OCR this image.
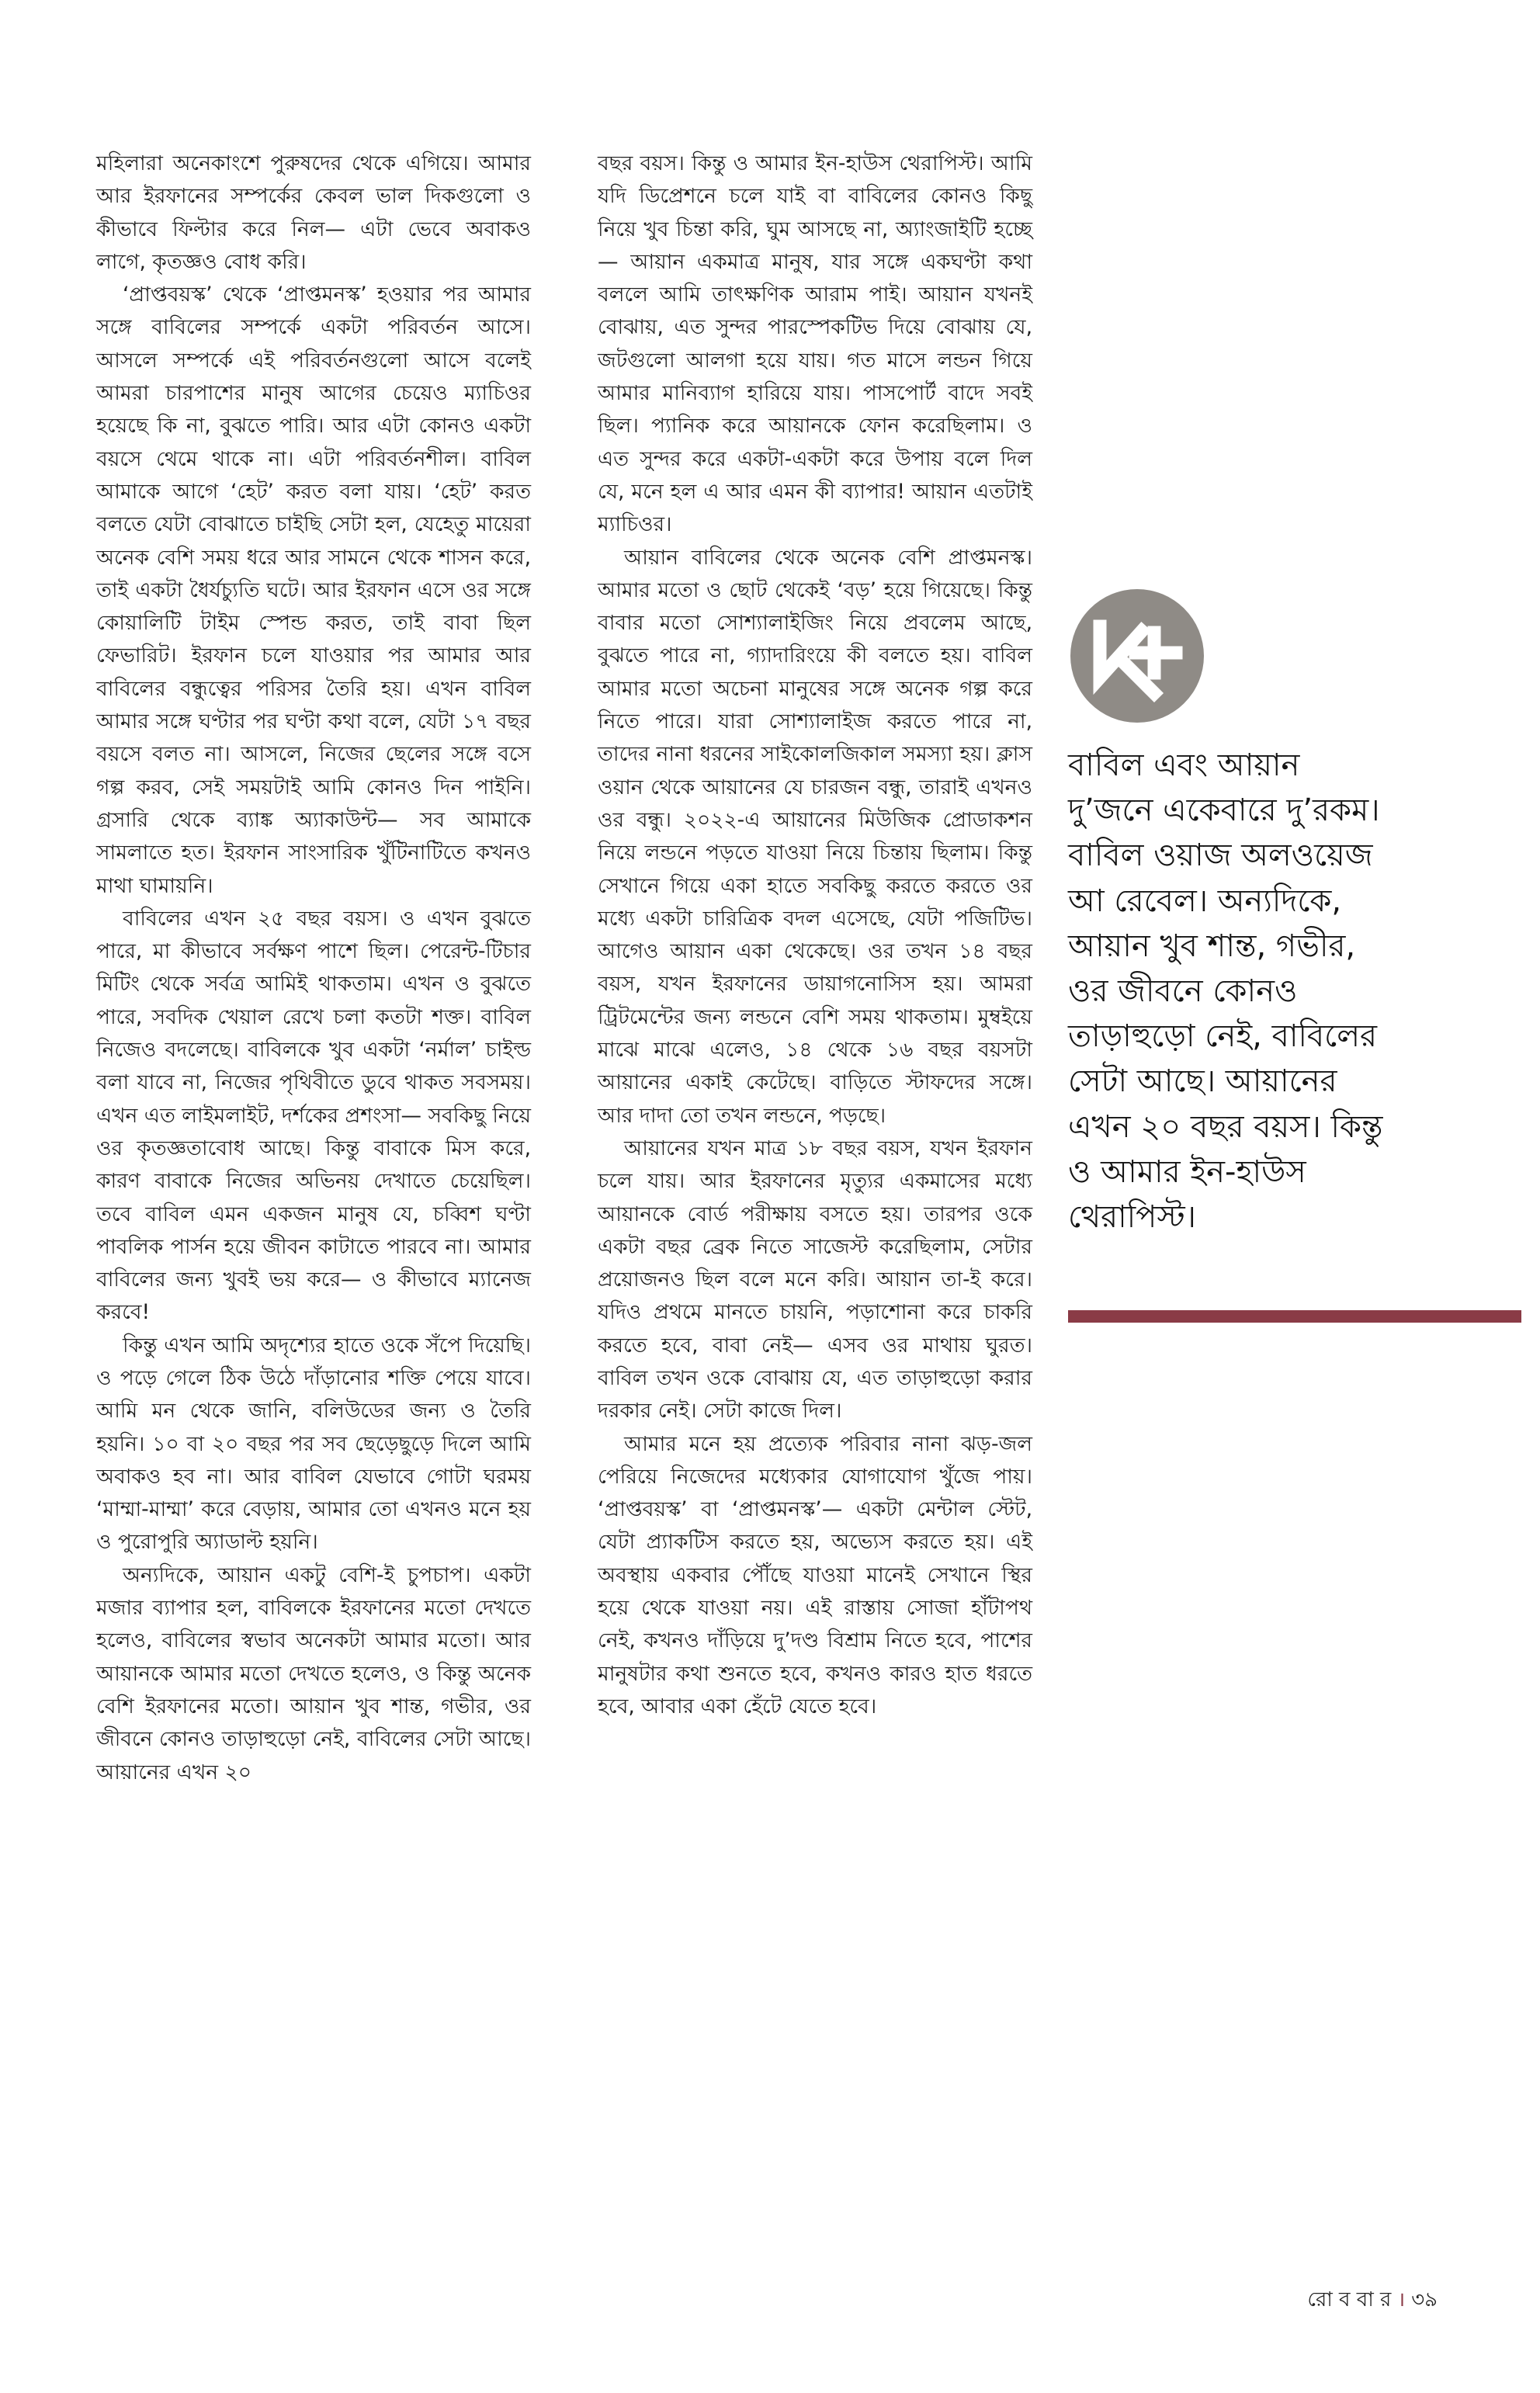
মহিলারা অনেকাংশে পুরুষদের থেকে এগিয়ে। আমার আর ইরফানের সম্পর্কের কেবল ভাল দিকগুলো ও কীভাবে ফিল্টার করে নিল— এটা ভেবে অবাকও লাগে, কৃতজ্ঞও বোধ করি।

‘প্রাপ্তবয়স্ক’ থেকে ‘প্রাপ্তমনস্ক’ হওয়ার পর আমার সঙ্গে বাবিলের সম্পর্কে একটা পরিবর্তন আসে। আসলে সম্পর্কে এই পরিবর্তনগুলো আসে বলেই আমরা চারপাশের মানুষ আগের চেয়েও ম্যাচিওর হয়েছে কি না, বুঝতে পারি। আর এটা কোনও একটা বয়সে থেমে থাকে না। এটা পরিবর্তনশীল। বাবিল আমাকে আগে ‘হেট’ করত বলা যায়। ‘হেট’ করত বলতে যেটা বোঝাতে চাইছি সেটা হল, যেহেতু মায়েরা অনেক বেশি সময় ধরে আর সামনে থেকে শাসন করে, তাই একটা ধৈর্যচ্যুতি ঘটে। আর ইরফান এসে ওর সঙ্গে কোয়ালিটি টাইম স্পেন্ড করত, তাই বাবা ছিল ফেভারিট। ইরফান চলে যাওয়ার পর আমার আর বাবিলের বন্ধুত্বের পরিসর তৈরি হয়। এখন বাবিল আমার সঙ্গে ঘণ্টার পর ঘণ্টা কথা বলে, যেটা ১৭ বছর বয়সে বলত না। আসলে, নিজের ছেলের সঙ্গে বসে গল্প করব, সেই সময়টাই আমি কোনও দিন পাইনি। গ্রসারি থেকে ব্যাঙ্ক অ্যাকাউন্ট— সব আমাকে সামলাতে হত। ইরফান সাংসারিক খুঁটিনাটিতে কখনও মাথা ঘামায়নি।

বাবিলের এখন ২৫ বছর বয়স। ও এখন বুঝতে পারে, মা কীভাবে সর্বক্ষণ পাশে ছিল। পেরেন্ট-টিচার মিটিং থেকে সর্বত্র আমিই থাকতাম। এখন ও বুঝতে পারে, সবদিক খেয়াল রেখে চলা কতটা শক্ত। বাবিল নিজেও বদলেছে। বাবিলকে খুব একটা ‘নর্মাল’ চাইল্ড বলা যাবে না, নিজের পৃথিবীতে ডুবে থাকত সবসময়। এখন এত লাইমলাইট, দর্শকের প্রশংসা— সবকিছু নিয়ে ওর কৃতজ্ঞতাবোধ আছে। কিন্তু বাবাকে মিস করে, কারণ বাবাকে নিজের অভিনয় দেখাতে চেয়েছিল। তবে বাবিল এমন একজন মানুষ যে, চব্বিশ ঘণ্টা পাবলিক পার্সন হয়ে জীবন কাটাতে পারবে না। আমার বাবিলের জন্য খুবই ভয় করে— ও কীভাবে ম্যানেজ করবে!

কিন্তু এখন আমি অদৃশ্যের হাতে ওকে সঁপে দিয়েছি। ও পড়ে গেলে ঠিক উঠে দাঁড়ানোর শক্তি পেয়ে যাবে। আমি মন থেকে জানি, বলিউডের জন্য ও তৈরি হয়নি। ১০ বা ২০ বছর পর সব ছেড়েছুড়ে দিলে আমি অবাকও হব না। আর বাবিল যেভাবে গোটা ঘরময় ‘মাম্মা-মাম্মা’ করে বেড়ায়, আমার তো এখনও মনে হয় ও পুরোপুরি অ্যাডাল্ট হয়নি।

অন্যদিকে, আয়ান একটু বেশি-ই চুপচাপ। একটা মজার ব্যাপার হল, বাবিলকে ইরফানের মতো দেখতে হলেও, বাবিলের স্বভাব অনেকটা আমার মতো। আর আয়ানকে আমার মতো দেখতে হলেও, ও কিন্তু অনেক বেশি ইরফানের মতো। আয়ান খুব শান্ত, গভীর, ওর জীবনে কোনও তাড়াহুড়ো নেই, বাবিলের সেটা আছে। আয়ানের এখন ২০

বছর বয়স। কিন্তু ও আমার ইন-হাউস থেরাপিস্ট। আমি যদি ডিপ্রেশনে চলে যাই বা বাবিলের কোনও কিছু নিয়ে খুব চিন্তা করি, ঘুম আসছে না, অ্যাংজাইটি হচ্ছে— আয়ান একমাত্র মানুষ, যার সঙ্গে একঘণ্টা কথা বললে আমি তাৎক্ষণিক আরাম পাই। আয়ান যখনই বোঝায়, এত সুন্দর পারস্পেকটিভ দিয়ে বোঝায় যে, জটগুলো আলগা হয়ে যায়। গত মাসে লন্ডন গিয়ে আমার মানিব্যাগ হারিয়ে যায়। পাসপোর্ট বাদে সবই ছিল। প্যানিক করে আয়ানকে ফোন করেছিলাম। ও এত সুন্দর করে একটা-একটা করে উপায় বলে দিল যে, মনে হল এ আর এমন কী ব্যাপার! আয়ান এতটাই ম্যাচিওর।

আয়ান বাবিলের থেকে অনেক বেশি প্রাপ্তমনস্ক। আমার মতো ও ছোট থেকেই ‘বড়’ হয়ে গিয়েছে। কিন্তু বাবার মতো সোশ্যালাইজিং নিয়ে প্রবলেম আছে, বুঝতে পারে না, গ্যাদারিংয়ে কী বলতে হয়। বাবিল আমার মতো অচেনা মানুষের সঙ্গে অনেক গল্প করে নিতে পারে। যারা সোশ্যালাইজ করতে পারে না, তাদের নানা ধরনের সাইকোলজিকাল সমস্যা হয়। ক্লাস ওয়ান থেকে আয়ানের যে চারজন বন্ধু, তারাই এখনও ওর বন্ধু। ২০২২-এ আয়ানের মিউজিক প্রোডাকশন নিয়ে লন্ডনে পড়তে যাওয়া নিয়ে চিন্তায় ছিলাম। কিন্তু সেখানে গিয়ে একা হাতে সবকিছু করতে করতে ওর মধ্যে একটা চারিত্রিক বদল এসেছে, যেটা পজিটিভ। আগেও আয়ান একা থেকেছে। ওর তখন ১৪ বছর বয়স, যখন ইরফানের ডায়াগনোসিস হয়। আমরা ট্রিটমেন্টের জন্য লন্ডনে বেশি সময় থাকতাম। মুম্বইয়ে মাঝে মাঝে এলেও, ১৪ থেকে ১৬ বছর বয়সটা আয়ানের একাই কেটেছে। বাড়িতে স্টাফদের সঙ্গে। আর দাদা তো তখন লন্ডনে, পড়ছে।

আয়ানের যখন মাত্র ১৮ বছর বয়স, যখন ইরফান চলে যায়। আর ইরফানের মৃত্যুর একমাসের মধ্যে আয়ানকে বোর্ড পরীক্ষায় বসতে হয়। তারপর ওকে একটা বছর ব্রেক নিতে সাজেস্ট করেছিলাম, সেটার প্রয়োজনও ছিল বলে মনে করি। আয়ান তা-ই করে। যদিও প্রথমে মানতে চায়নি, পড়াশোনা করে চাকরি করতে হবে, বাবা নেই— এসব ওর মাথায় ঘুরত। বাবিল তখন ওকে বোঝায় যে, এত তাড়াহুড়ো করার দরকার নেই। সেটা কাজে দিল।

আমার মনে হয় প্রত্যেক পরিবার নানা ঝড়-জল পেরিয়ে নিজেদের মধ্যেকার যোগাযোগ খুঁজে পায়। ‘প্রাপ্তবয়স্ক’ বা ‘প্রাপ্তমনস্ক’— একটা মেন্টাল স্টেট, যেটা প্র্যাকটিস করতে হয়, অভ্যেস করতে হয়। এই অবস্থায় একবার পৌঁছে যাওয়া মানেই সেখানে স্থির হয়ে থেকে যাওয়া নয়। এই রাস্তায় সোজা হাঁটাপথ নেই, কখনও দাঁড়িয়ে দু’দণ্ড বিশ্রাম নিতে হবে, পাশের মানুষটার কথা শুনতে হবে, কখনও কারও হাত ধরতে হবে, আবার একা হেঁটে যেতে হবে।

বাবিল এবং আয়ান দু’জনে একেবারে দু’রকম। বাবিল ওয়াজ অলওয়েজ আ রেবেল। অন্যদিকে, আয়ান খুব শান্ত, গভীর, ওর জীবনে কোনও তাড়াহুড়ো নেই, বাবিলের সেটা আছে। আয়ানের এখন ২০ বছর বয়স। কিন্তু ও আমার ইন-হাউস থেরাপিস্ট।
রো ব বা র । ৩৯
